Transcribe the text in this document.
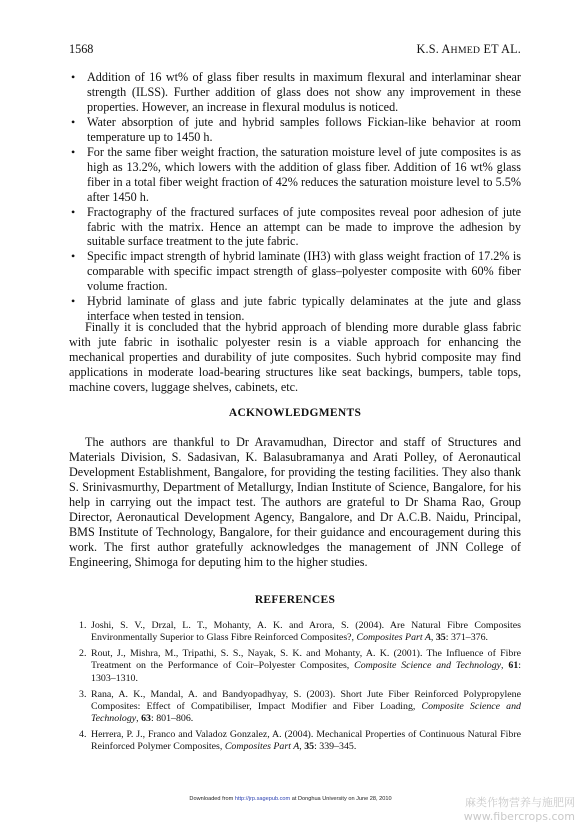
1568	K.S. AHMED ET AL.
• Addition of 16 wt% of glass fiber results in maximum flexural and interlaminar shear strength (ILSS). Further addition of glass does not show any improvement in these properties. However, an increase in flexural modulus is noticed.
• Water absorption of jute and hybrid samples follows Fickian-like behavior at room temperature up to 1450 h.
• For the same fiber weight fraction, the saturation moisture level of jute composites is as high as 13.2%, which lowers with the addition of glass fiber. Addition of 16 wt% glass fiber in a total fiber weight fraction of 42% reduces the saturation moisture level to 5.5% after 1450 h.
• Fractography of the fractured surfaces of jute composites reveal poor adhesion of jute fabric with the matrix. Hence an attempt can be made to improve the adhesion by suitable surface treatment to the jute fabric.
• Specific impact strength of hybrid laminate (IH3) with glass weight fraction of 17.2% is comparable with specific impact strength of glass–polyester composite with 60% fiber volume fraction.
• Hybrid laminate of glass and jute fabric typically delaminates at the jute and glass interface when tested in tension.

Finally it is concluded that the hybrid approach of blending more durable glass fabric with jute fabric in isothalic polyester resin is a viable approach for enhancing the mechanical properties and durability of jute composites. Such hybrid composite may find applications in moderate load-bearing structures like seat backings, bumpers, table tops, machine covers, luggage shelves, cabinets, etc.

ACKNOWLEDGMENTS

The authors are thankful to Dr Aravamudhan, Director and staff of Structures and Materials Division, S. Sadasivan, K. Balasubramanya and Arati Polley, of Aeronautical Development Establishment, Bangalore, for providing the testing facilities. They also thank S. Srinivasmurthy, Department of Metallurgy, Indian Institute of Science, Bangalore, for his help in carrying out the impact test. The authors are grateful to Dr Shama Rao, Group Director, Aeronautical Development Agency, Bangalore, and Dr A.C.B. Naidu, Principal, BMS Institute of Technology, Bangalore, for their guidance and encouragement during this work. The first author gratefully acknowledges the management of JNN College of Engineering, Shimoga for deputing him to the higher studies.

REFERENCES
1. Joshi, S. V., Drzal, L. T., Mohanty, A. K. and Arora, S. (2004). Are Natural Fibre Composites Environmentally Superior to Glass Fibre Reinforced Composites?, Composites Part A, 35: 371–376.
2. Rout, J., Mishra, M., Tripathi, S. S., Nayak, S. K. and Mohanty, A. K. (2001). The Influence of Fibre Treatment on the Performance of Coir–Polyester Composites, Composite Science and Technology, 61: 1303–1310.
3. Rana, A. K., Mandal, A. and Bandyopadhyay, S. (2003). Short Jute Fiber Reinforced Polypropylene Composites: Effect of Compatibiliser, Impact Modifier and Fiber Loading, Composite Science and Technology, 63: 801–806.
4. Herrera, P. J., Franco and Valadoz Gonzalez, A. (2004). Mechanical Properties of Continuous Natural Fibre Reinforced Polymer Composites, Composites Part A, 35: 339–345.
Downloaded from http://jrp.sagepub.com at Donghua University on June 28, 2010	麻类作物营养与施肥网
www.fibercrops.com
